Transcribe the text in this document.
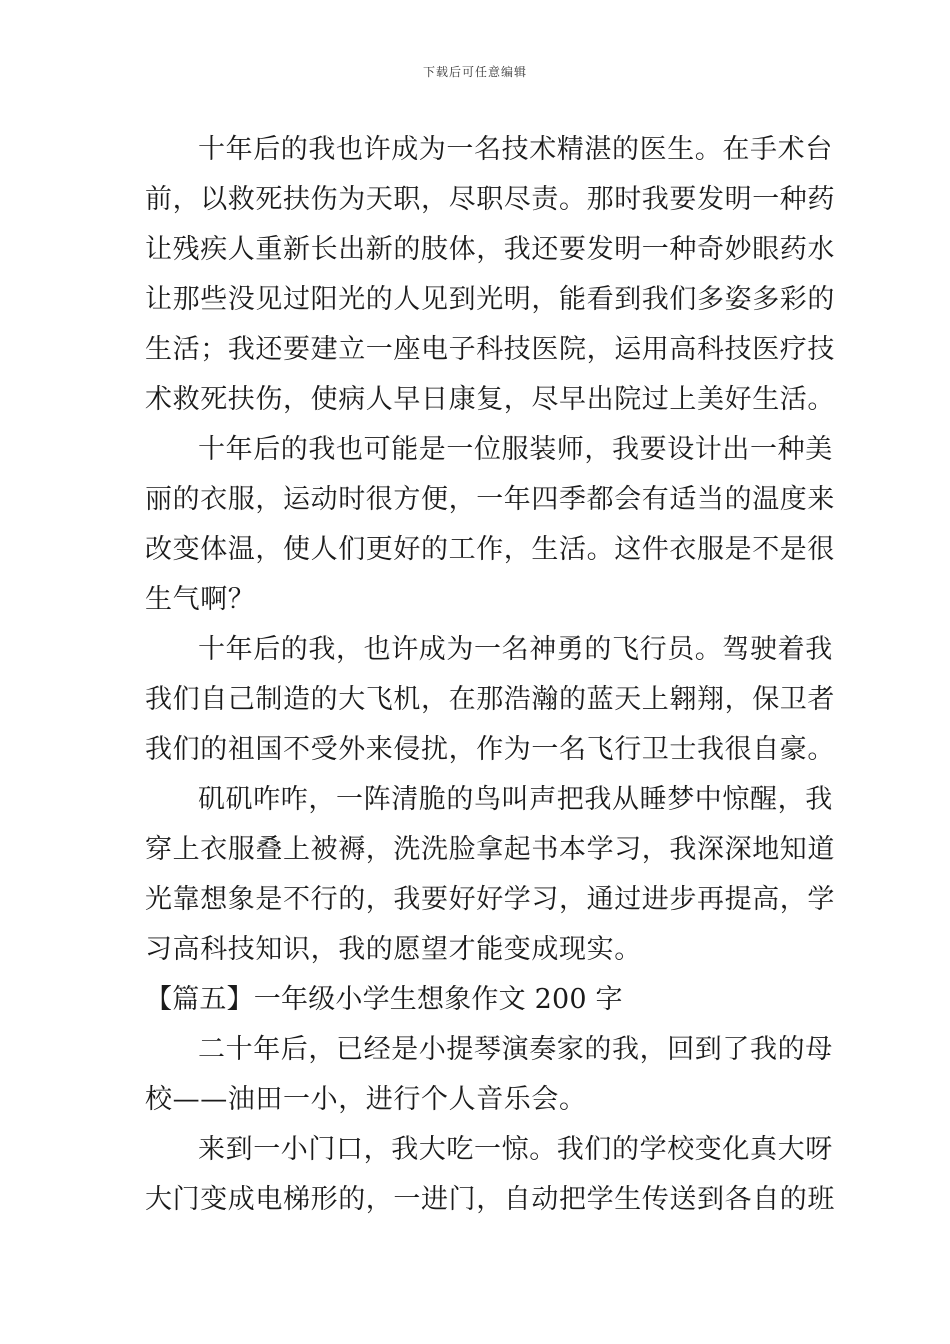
下载后可任意编辑
十年后的我也许成为一名技术精湛的医生。在手术台
前，以救死扶伤为天职，尽职尽责。那时我要发明一种药
让残疾人重新长出新的肢体，我还要发明一种奇妙眼药水
让那些没见过阳光的人见到光明，能看到我们多姿多彩的
生活；我还要建立一座电子科技医院，运用高科技医疗技
术救死扶伤，使病人早日康复，尽早出院过上美好生活。
十年后的我也可能是一位服装师，我要设计出一种美
丽的衣服，运动时很方便，一年四季都会有适当的温度来
改变体温，使人们更好的工作，生活。这件衣服是不是很
生气啊？
十年后的我，也许成为一名神勇的飞行员。驾驶着我
我们自己制造的大飞机，在那浩瀚的蓝天上翱翔，保卫者
我们的祖国不受外来侵扰，作为一名飞行卫士我很自豪。
矶矶咋咋，一阵清脆的鸟叫声把我从睡梦中惊醒，我
穿上衣服叠上被褥，洗洗脸拿起书本学习，我深深地知道
光靠想象是不行的，我要好好学习，通过进步再提高，学
习高科技知识，我的愿望才能变成现实。
【篇五】一年级小学生想象作文 200 字
二十年后，已经是小提琴演奏家的我，回到了我的母
校——油田一小，进行个人音乐会。
来到一小门口，我大吃一惊。我们的学校变化真大呀
大门变成电梯形的，一进门，自动把学生传送到各自的班
